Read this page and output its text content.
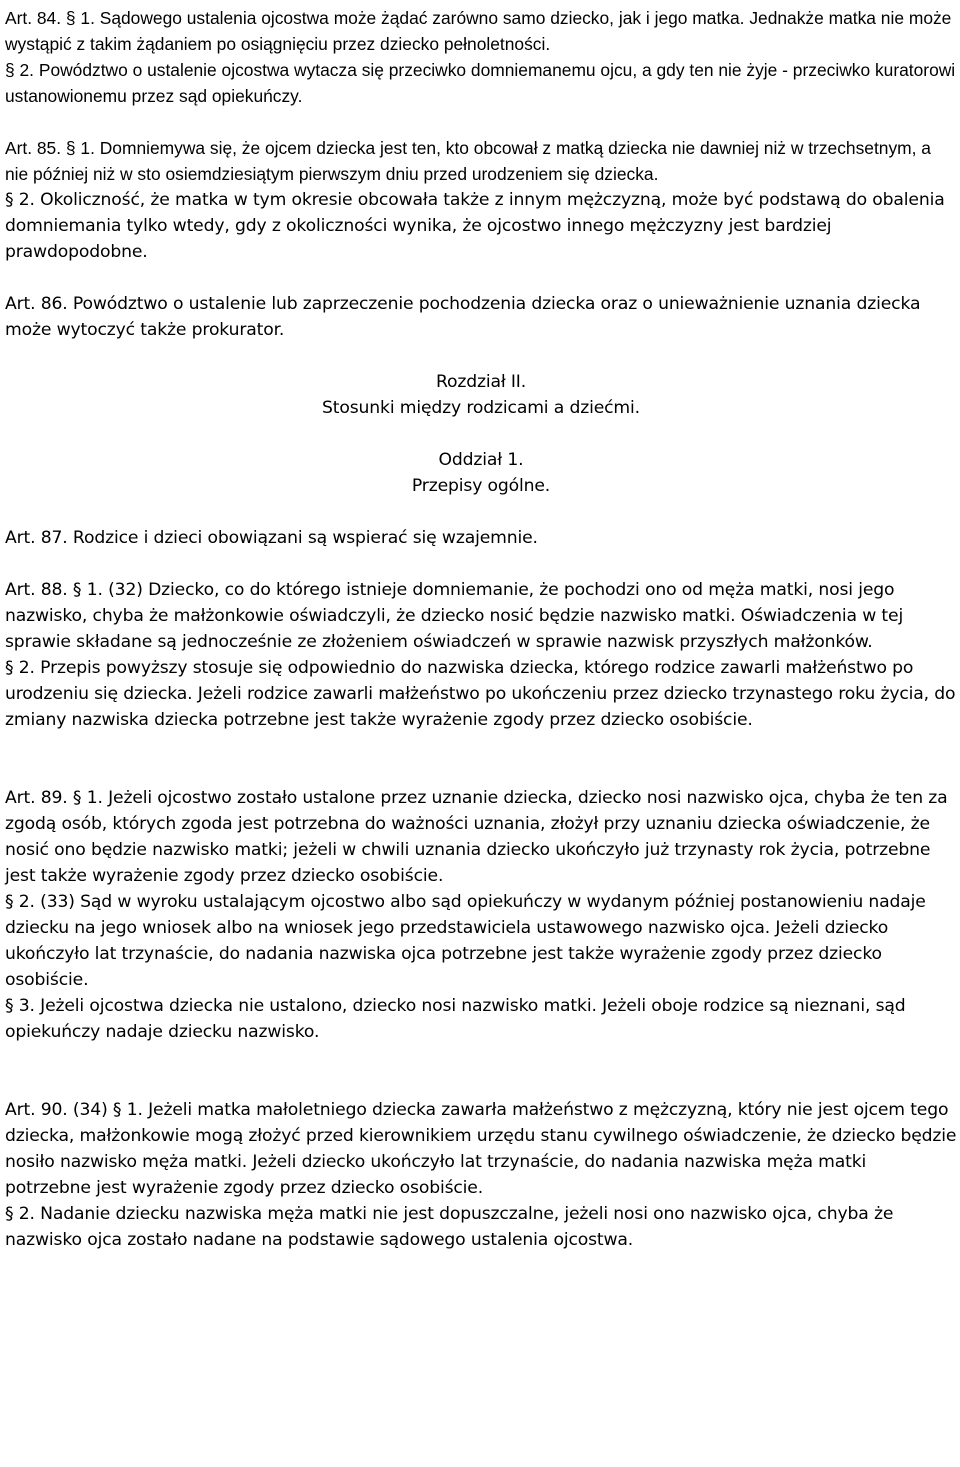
Art. 84. § 1. Sądowego ustalenia ojcostwa może żądać zarówno samo dziecko, jak i jego matka. Jednakże matka nie może wystąpić z takim żądaniem po osiągnięciu przez dziecko pełnoletności.

§ 2. Powództwo o ustalenie ojcostwa wytacza się przeciwko domniemanemu ojcu, a gdy ten nie żyje - przeciwko kuratorowi ustanowionemu przez sąd opiekuńczy.

Art. 85. § 1. Domniemywa się, że ojcem dziecka jest ten, kto obcował z matką dziecka nie dawniej niż w trzechsetnym, a nie później niż w sto osiemdziesiątym pierwszym dniu przed urodzeniem się dziecka.

§ 2. Okoliczność, że matka w tym okresie obcowała także z innym mężczyzną, może być podstawą do obalenia domniemania tylko wtedy, gdy z okoliczności wynika, że ojcostwo innego mężczyzny jest bardziej prawdopodobne.

Art. 86. Powództwo o ustalenie lub zaprzeczenie pochodzenia dziecka oraz o unieważnienie uznania dziecka może wytoczyć także prokurator.

Rozdział II.

Stosunki między rodzicami a dziećmi.

Oddział 1.

Przepisy ogólne.

Art. 87. Rodzice i dzieci obowiązani są wspierać się wzajemnie.

Art. 88. § 1. (32) Dziecko, co do którego istnieje domniemanie, że pochodzi ono od męża matki, nosi jego nazwisko, chyba że małżonkowie oświadczyli, że dziecko nosić będzie nazwisko matki. Oświadczenia w tej sprawie składane są jednocześnie ze złożeniem oświadczeń w sprawie nazwisk przyszłych małżonków.

§ 2. Przepis powyższy stosuje się odpowiednio do nazwiska dziecka, którego rodzice zawarli małżeństwo po urodzeniu się dziecka. Jeżeli rodzice zawarli małżeństwo po ukończeniu przez dziecko trzynastego roku życia, do zmiany nazwiska dziecka potrzebne jest także wyrażenie zgody przez dziecko osobiście.

Art. 89. § 1. Jeżeli ojcostwo zostało ustalone przez uznanie dziecka, dziecko nosi nazwisko ojca, chyba że ten za zgodą osób, których zgoda jest potrzebna do ważności uznania, złożył przy uznaniu dziecka oświadczenie, że nosić ono będzie nazwisko matki; jeżeli w chwili uznania dziecko ukończyło już trzynasty rok życia, potrzebne jest także wyrażenie zgody przez dziecko osobiście.

§ 2. (33) Sąd w wyroku ustalającym ojcostwo albo sąd opiekuńczy w wydanym później postanowieniu nadaje dziecku na jego wniosek albo na wniosek jego przedstawiciela ustawowego nazwisko ojca. Jeżeli dziecko ukończyło lat trzynaście, do nadania nazwiska ojca potrzebne jest także wyrażenie zgody przez dziecko osobiście.

§ 3. Jeżeli ojcostwa dziecka nie ustalono, dziecko nosi nazwisko matki. Jeżeli oboje rodzice są nieznani, sąd opiekuńczy nadaje dziecku nazwisko.

Art. 90. (34) § 1. Jeżeli matka małoletniego dziecka zawarła małżeństwo z mężczyzną, który nie jest ojcem tego dziecka, małżonkowie mogą złożyć przed kierownikiem urzędu stanu cywilnego oświadczenie, że dziecko będzie nosiło nazwisko męża matki. Jeżeli dziecko ukończyło lat trzynaście, do nadania nazwiska męża matki potrzebne jest wyrażenie zgody przez dziecko osobiście.

§ 2. Nadanie dziecku nazwiska męża matki nie jest dopuszczalne, jeżeli nosi ono nazwisko ojca, chyba że nazwisko ojca zostało nadane na podstawie sądowego ustalenia ojcostwa.
